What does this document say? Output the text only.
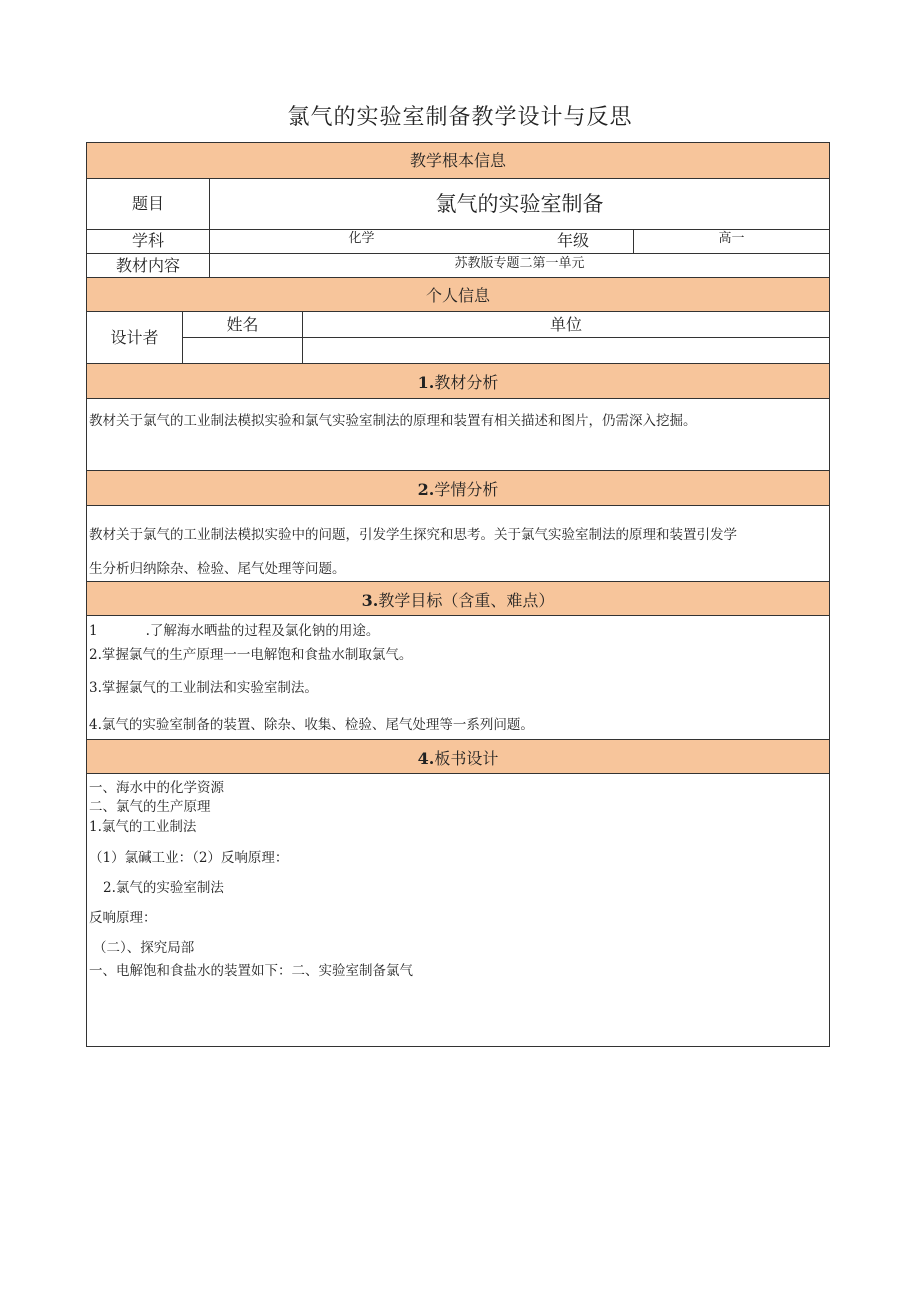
氯气的实验室制备教学设计与反思
教学根本信息
题目	氯气的实验室制备
学科	化学	年级	高一
教材内容	苏教版专题二第一单元
个人信息
设计者
姓名	单位
1.教材分析
教材关于氯气的工业制法模拟实验和氯气实验室制法的原理和装置有相关描述和图片，仍需深入挖掘。
2.学情分析
教材关于氯气的工业制法模拟实验中的问题，引发学生探究和思考。关于氯气实验室制法的原理和装置引发学
生分析归纳除杂、检验、尾气处理等问题。
3.教学目标（含重、难点）
1	.了解海水晒盐的过程及氯化钠的用途。
2.掌握氯气的生产原理一一电解饱和食盐水制取氯气。
3.掌握氯气的工业制法和实验室制法。
4.氯气的实验室制备的装置、除杂、收集、检验、尾气处理等一系列问题。
4.板书设计
一、海水中的化学资源
二、氯气的生产原理
1.氯气的工业制法
（1）氯碱工业：（2）反响原理：
2.氯气的实验室制法
反响原理：
（二）、探究局部
一、电解饱和食盐水的装置如下：二、实验室制备氯气
